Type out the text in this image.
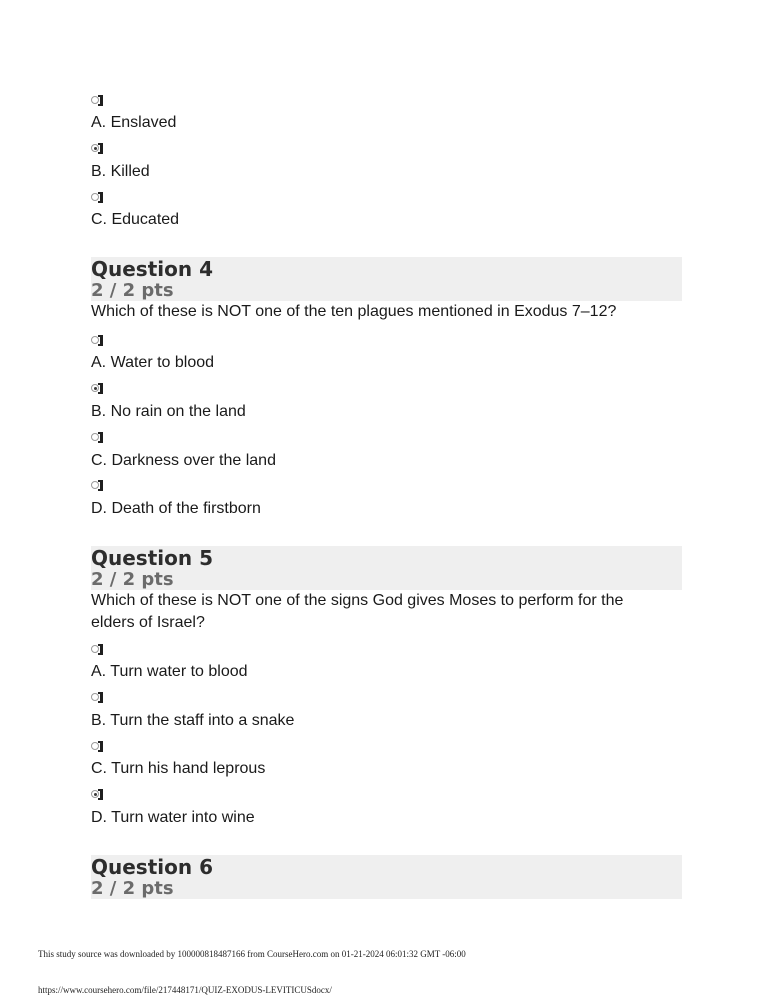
A. Enslaved
B. Killed
C. Educated
Question 4
2 / 2 pts
Which of these is NOT one of the ten plagues mentioned in Exodus 7–12?
A. Water to blood
B. No rain on the land
C. Darkness over the land
D. Death of the firstborn
Question 5
2 / 2 pts
Which of these is NOT one of the signs God gives Moses to perform for the elders of Israel?
A. Turn water to blood
B. Turn the staff into a snake
C. Turn his hand leprous
D. Turn water into wine
Question 6
2 / 2 pts
This study source was downloaded by 100000818487166 from CourseHero.com on 01-21-2024 06:01:32 GMT -06:00
https://www.coursehero.com/file/217448171/QUIZ-EXODUS-LEVITICUSdocx/
